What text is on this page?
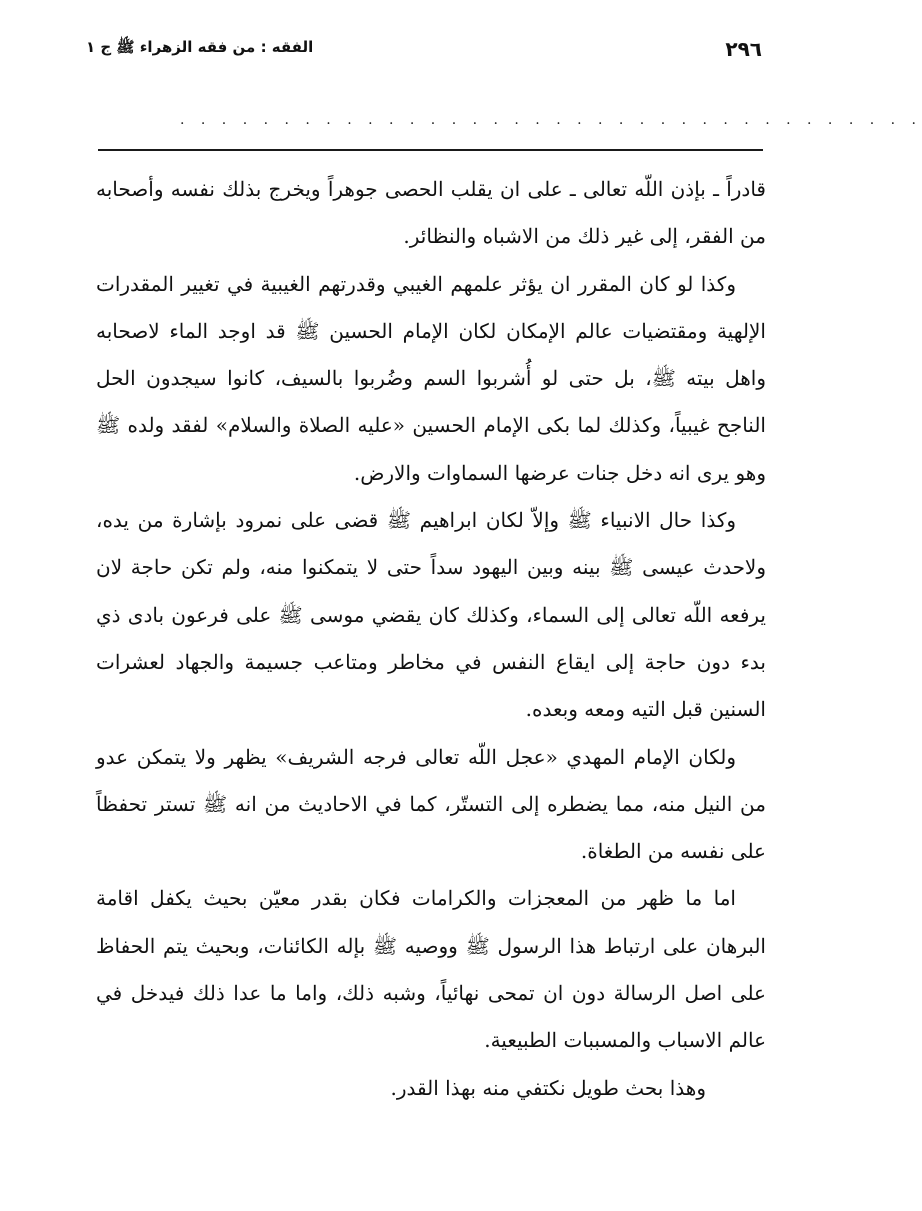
٢٩٦
الفقه : من فقه الزهراء ﷺ ج ١
. . . . . . . . . . . . . . . . . . . . . . . . . . . . . . . . . . . .

قادراً ـ بإذن اللّه تعالى ـ على ان يقلب الحصى جوهراً ويخرج بذلك نفسه وأصحابه من الفقر، إلى غير ذلك من الاشباه والنظائر.

وكذا لو كان المقرر ان يؤثر علمهم الغيبي وقدرتهم الغيبية في تغيير المقدرات الإلهية ومقتضيات عالم الإمكان لكان الإمام الحسين ﷺ قد اوجد الماء لاصحابه واهل بيته ﷺ، بل حتى لو أُشربوا السم وضُربوا بالسيف، كانوا سيجدون الحل الناجح غيبياً، وكذلك لما بكى الإمام الحسين «عليه الصلاة والسلام» لفقد ولده ﷺ وهو يرى انه دخل جنات عرضها السماوات والارض.

وكذا حال الانبياء ﷺ وإلاّ لكان ابراهيم ﷺ قضى على نمرود بإشارة من يده، ولاحدث عيسى ﷺ بينه وبين اليهود سداً حتى لا يتمكنوا منه، ولم تكن حاجة لان يرفعه اللّه تعالى إلى السماء، وكذلك كان يقضي موسى ﷺ على فرعون بادى ذي بدء دون حاجة إلى ايقاع النفس في مخاطر ومتاعب جسيمة والجهاد لعشرات السنين قبل التيه ومعه وبعده.

ولكان الإمام المهدي «عجل اللّه تعالى فرجه الشريف» يظهر ولا يتمكن عدو من النيل منه، مما يضطره إلى التستّر، كما في الاحاديث من انه ﷺ تستر تحفظاً على نفسه من الطغاة.

اما ما ظهر من المعجزات والكرامات فكان بقدر معيّن بحيث يكفل اقامة البرهان على ارتباط هذا الرسول ﷺ ووصيه ﷺ بإله الكائنات، وبحيث يتم الحفاظ على اصل الرسالة دون ان تمحى نهائياً، وشبه ذلك، واما ما عدا ذلك فيدخل في عالم الاسباب والمسببات الطبيعية.

وهذا بحث طويل نكتفي منه بهذا القدر.
